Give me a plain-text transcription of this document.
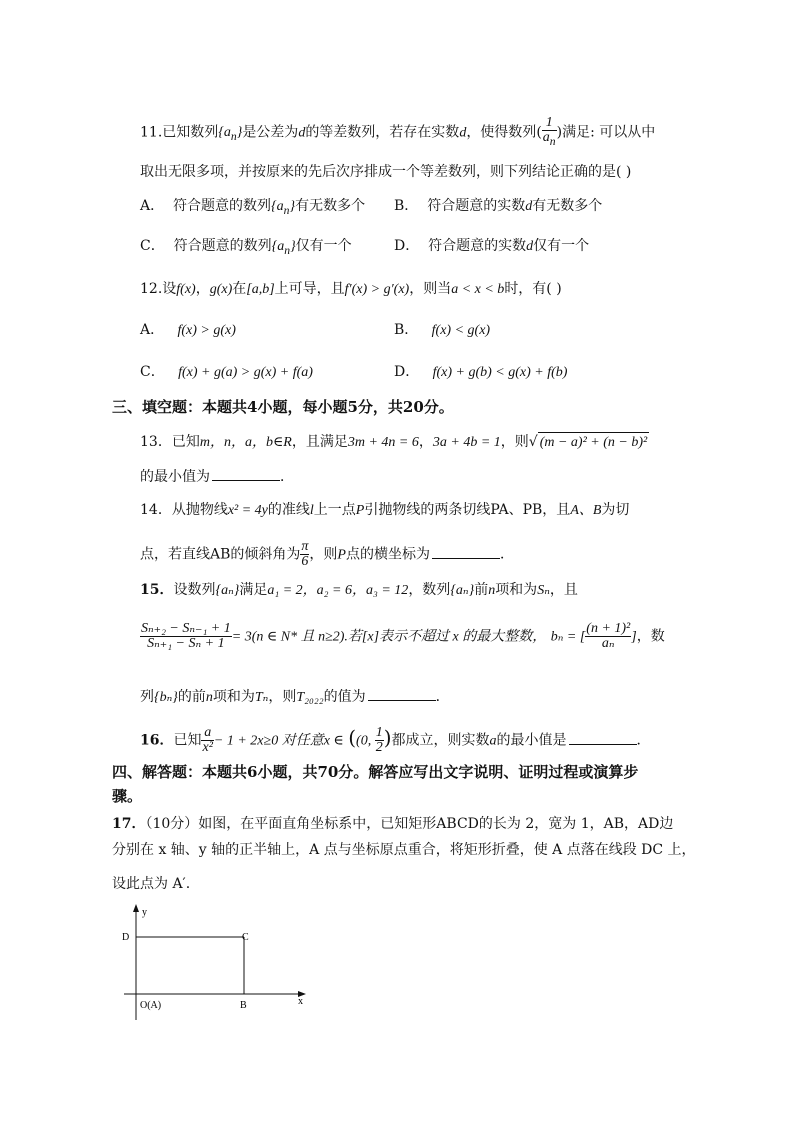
11.已知数列$\{a_n\}$是公差为d的等差数列，若存在实数d，使得数列( $\frac{1}{a_n}$ )满足: 可以从中
取出无限多项，并按原来的先后次序排成一个等差数列，则下列结论正确的是( )
A． 符合题意的数列$\{a_n\}$有无数多个 B． 符合题意的实数d有无数多个
C． 符合题意的数列$\{a_n\}$仅有一个	D． 符合题意的实数d仅有一个
12.设f(x)，g(x)在[a,b]上可导，且f′(x) > g′(x)，则当a < x < b时，有( )
A． f(x) > g(x)	B． f(x) < g(x)
C． f(x) + g(a) > g(x) + f(a)	D． f(x) + g(b) < g(x) + f(b)
三、填空题：本题共4小题，每小题5分，共20分。
13．已知m，n，a，b∈R，且满足3m + 4n = 6，3a + 4b = 1，则√ (m − a)² + (n − b)²
的最小值为	．
14．从抛物线x² = 4y的准线l上一点P引抛物线的两条切线PA、PB，且A、B为切
点，若直线AB的倾斜角为 $\frac{\pi}{6}$ ，则P点的横坐标为	．
15．设数列{aₙ}满足a₁ = 2，a₂ = 6，a₃ = 12，数列{aₙ}前n项和为Sₙ，且
$\frac{\text{Sₙ₊₂ − Sₙ₋₁ + 1}}{\text{Sₙ₊₁ − Sₙ + 1}} = 3(n$ ∈ N* 且 n≥2).若[x]表示不超过 x 的最大整数， bₙ = [ $\frac{\text{(n + 1)²}}{\text{aₙ}}$ ]，数
列{bₙ}的前n项和为Tₙ，则T₂₀₂₂的值为	．
16．已知 $\frac{a}{\text{x²}} - 1 + 2x\ge 0$ 对任意x ∈ ((0, $\frac{1}{2}$ )都成立，则实数a的最小值是	．
四、解答题：本题共6小题，共70分。解答应写出文字说明、证明过程或演算步
骤。
17．（10分）如图，在平面直角坐标系中，已知矩形ABCD的长为 2，宽为 1，AB，AD边
分别在 x 轴、y 轴的正半轴上，A 点与坐标原点重合，将矩形折叠，使 A 点落在线段 DC 上，
设此点为 A′.
y
x
D	C
B
O(A)
